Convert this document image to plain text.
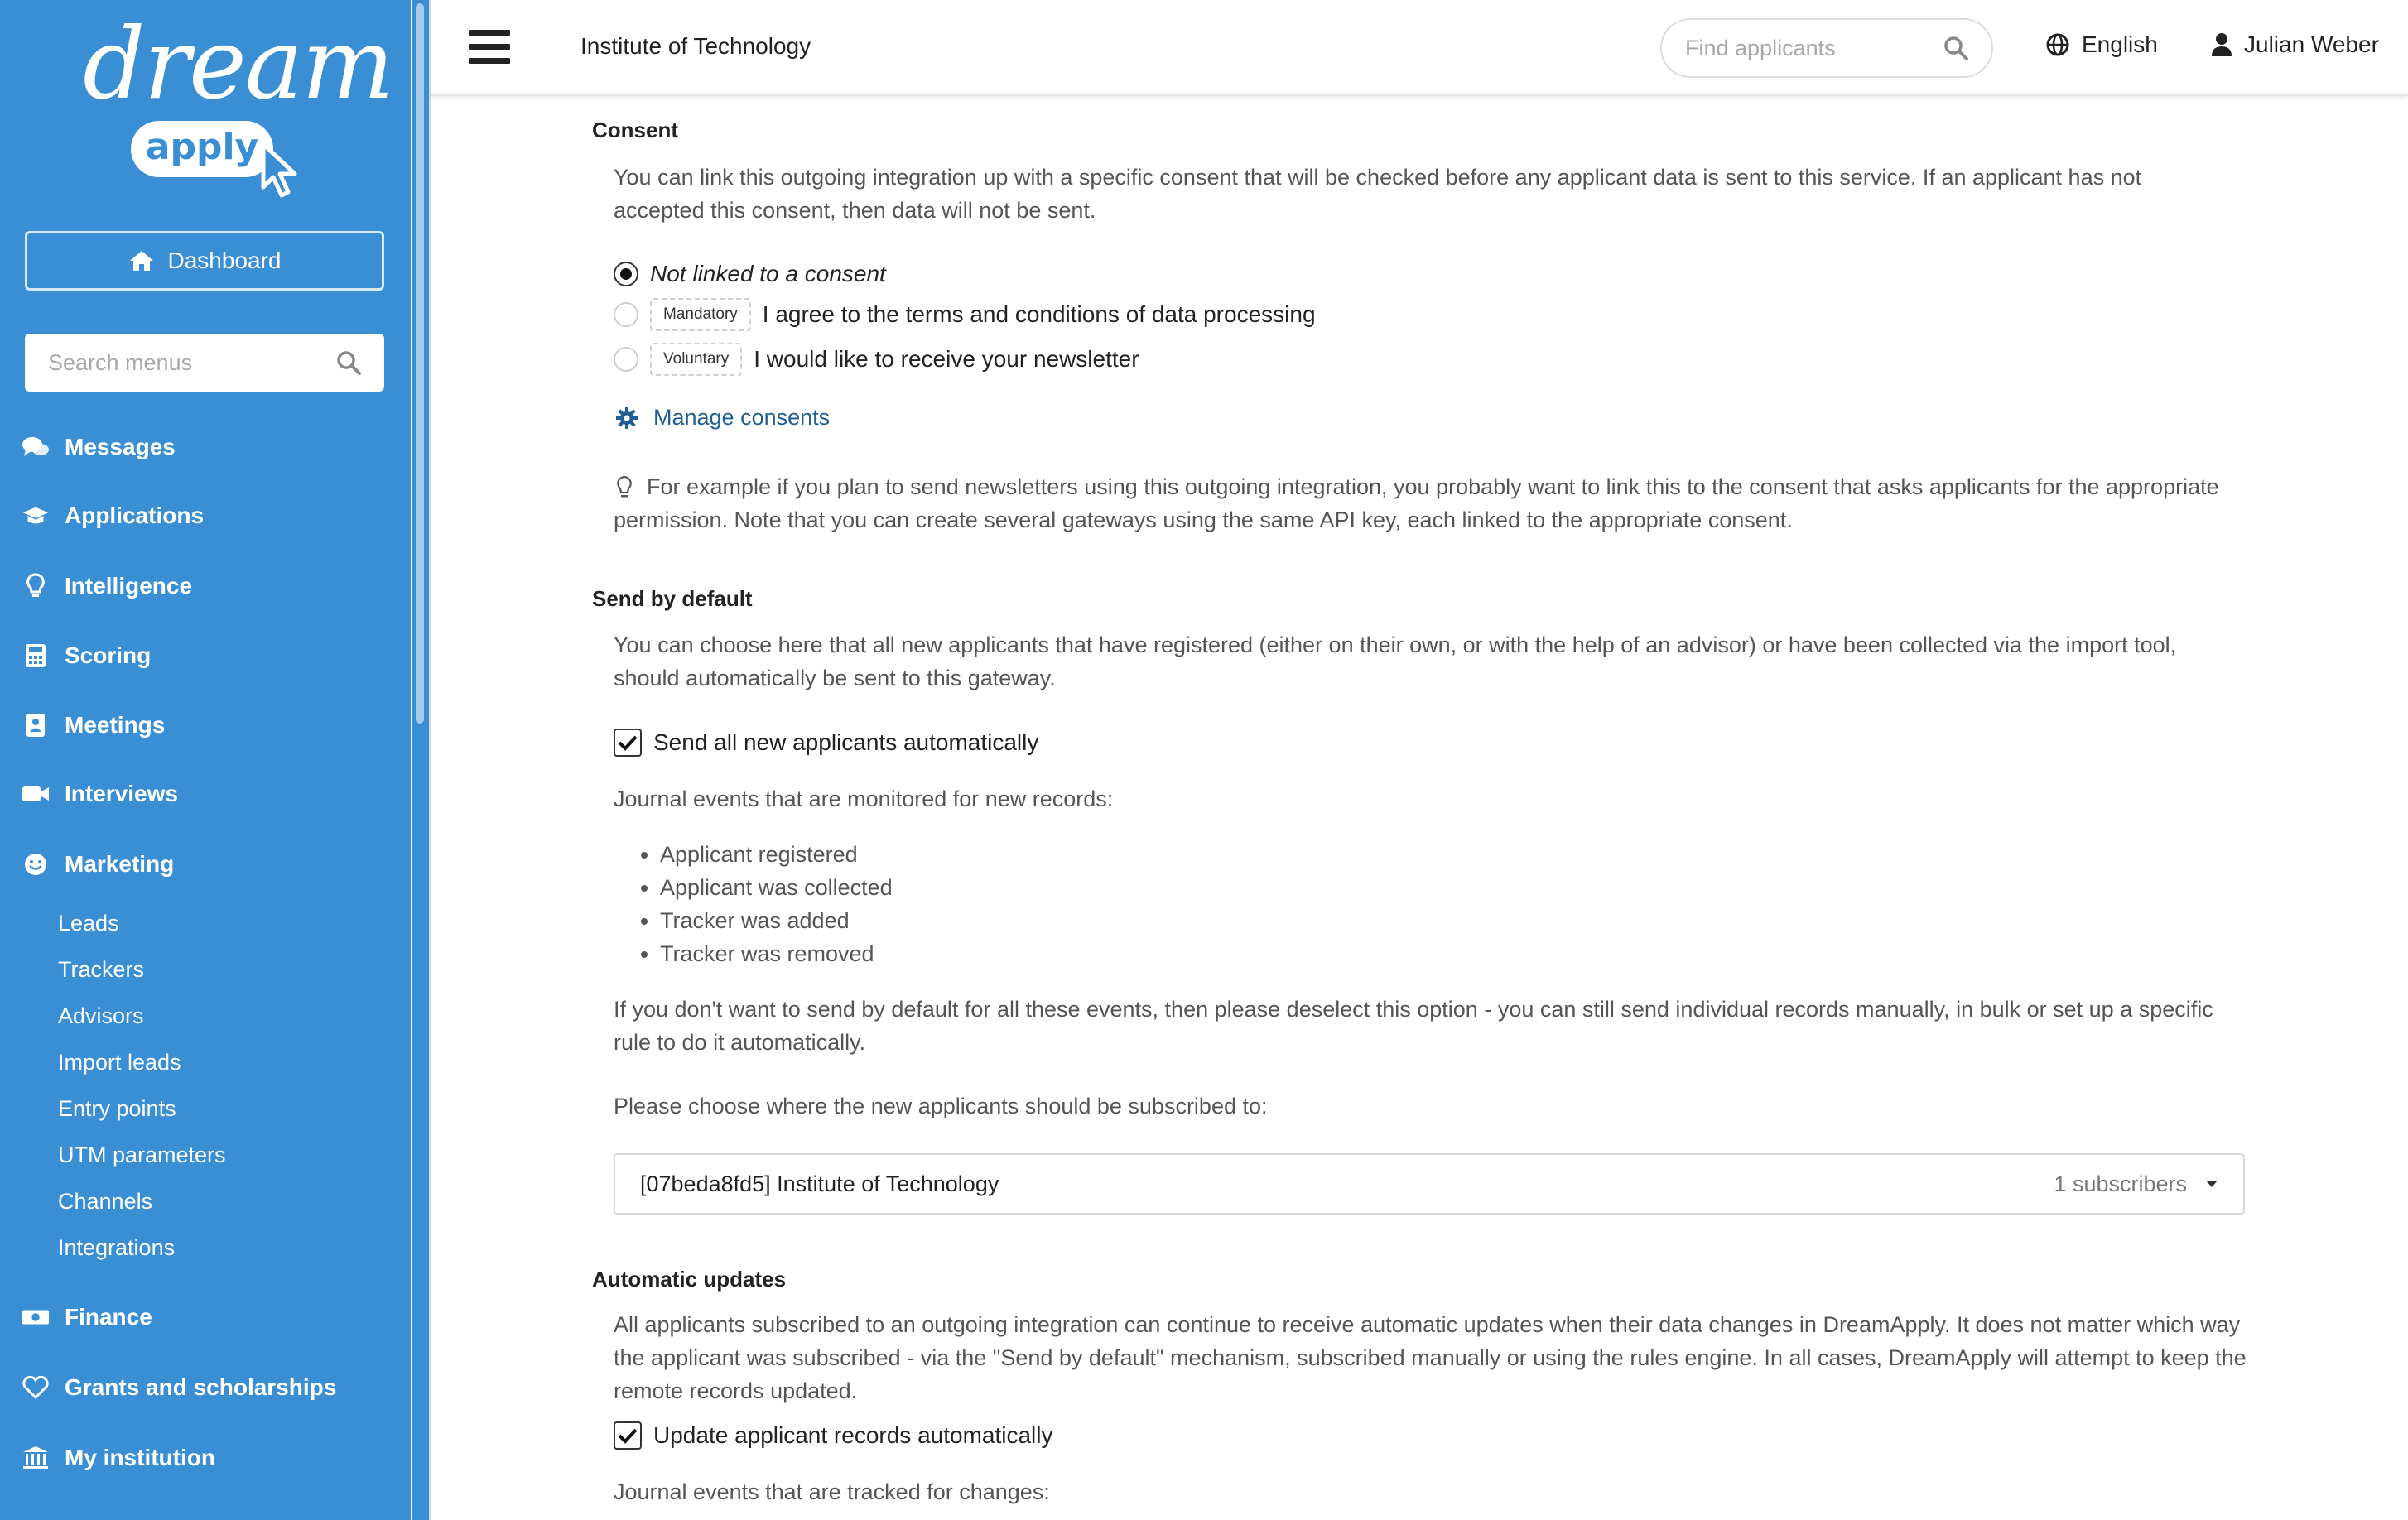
dream
apply
Dashboard
Search menus
Messages
Applications
Intelligence
Scoring
Meetings
Interviews
Marketing
Leads
Trackers
Advisors
Import leads
Entry points
UTM parameters
Channels
Integrations
Finance
Grants and scholarships
My institution
Institute of Technology	Find applicants	English	Julian Weber
Consent
You can link this outgoing integration up with a specific consent that will be checked before any applicant data is sent to this service. If an applicant has not accepted this consent, then data will not be sent.
Not linked to a consent
Mandatory	I agree to the terms and conditions of data processing
Voluntary	I would like to receive your newsletter
Manage consents
For example if you plan to send newsletters using this outgoing integration, you probably want to link this to the consent that asks applicants for the appropriate permission. Note that you can create several gateways using the same API key, each linked to the appropriate consent.
Send by default
You can choose here that all new applicants that have registered (either on their own, or with the help of an advisor) or have been collected via the import tool, should automatically be sent to this gateway.
Send all new applicants automatically
Journal events that are monitored for new records:
• Applicant registered
• Applicant was collected
• Tracker was added
• Tracker was removed
If you don't want to send by default for all these events, then please deselect this option - you can still send individual records manually, in bulk or set up a specific rule to do it automatically.
Please choose where the new applicants should be subscribed to:
[07beda8fd5] Institute of Technology	1 subscribers
Automatic updates
All applicants subscribed to an outgoing integration can continue to receive automatic updates when their data changes in DreamApply. It does not matter which way the applicant was subscribed - via the "Send by default" mechanism, subscribed manually or using the rules engine. In all cases, DreamApply will attempt to keep the remote records updated.
Update applicant records automatically
Journal events that are tracked for changes:
